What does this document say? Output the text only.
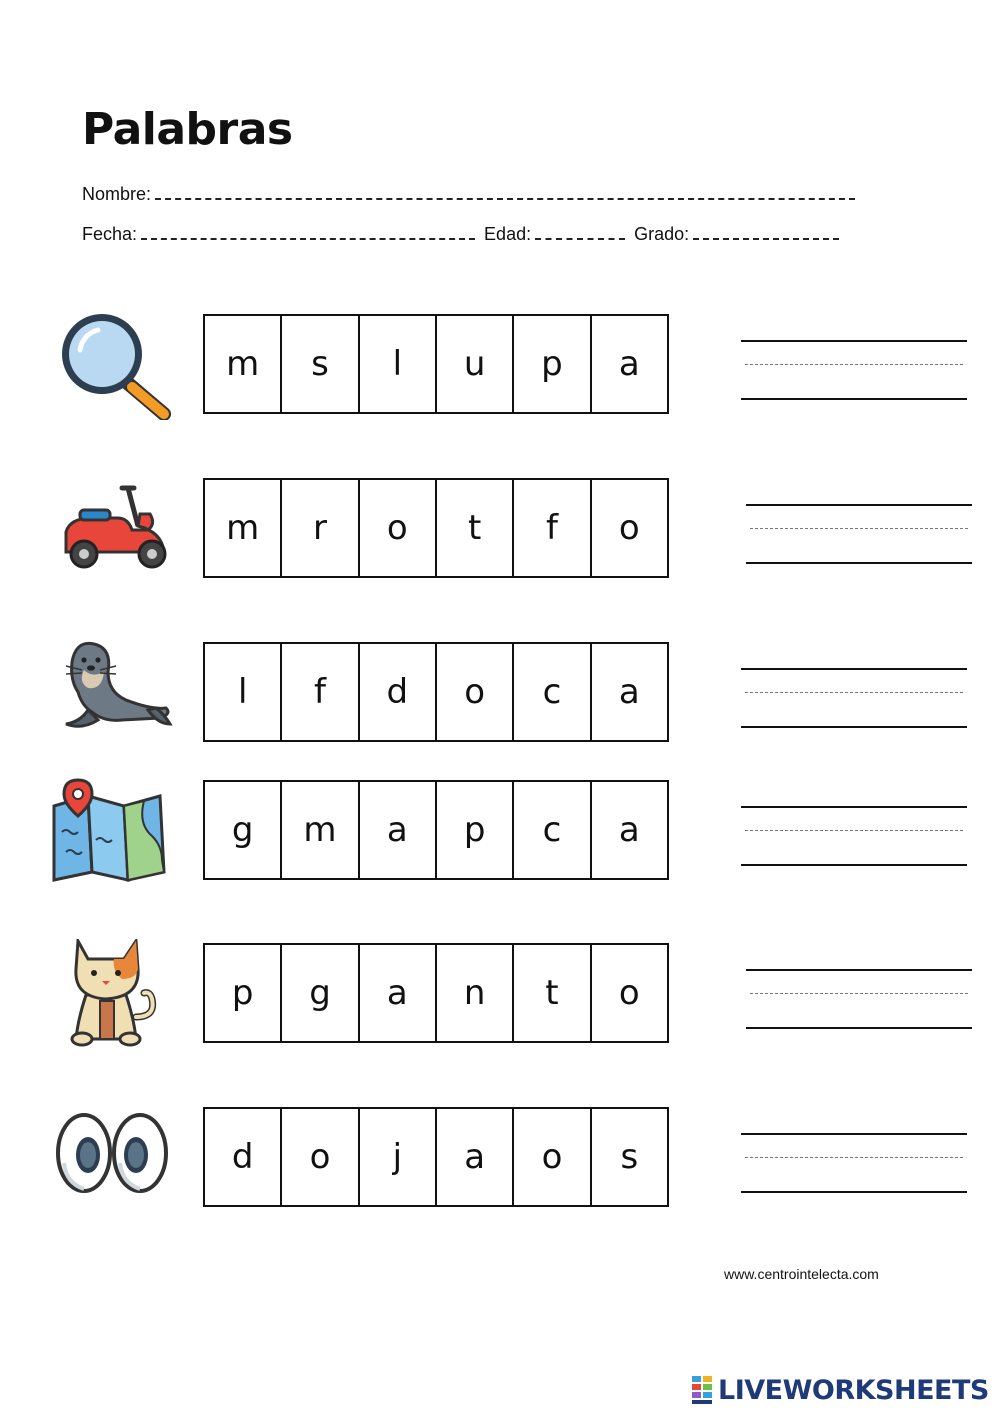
Palabras
Nombre:
Fecha:	Edad:	Grado:
m	s	l	u	p	a
m	r	o	t	f	o
l	f	d	o	c	a
g	m	a	p	c	a
p	g	a	n	t	o
d	o	j	a	o	s
www.centrointelecta.com
LIVEWORKSHEETS
